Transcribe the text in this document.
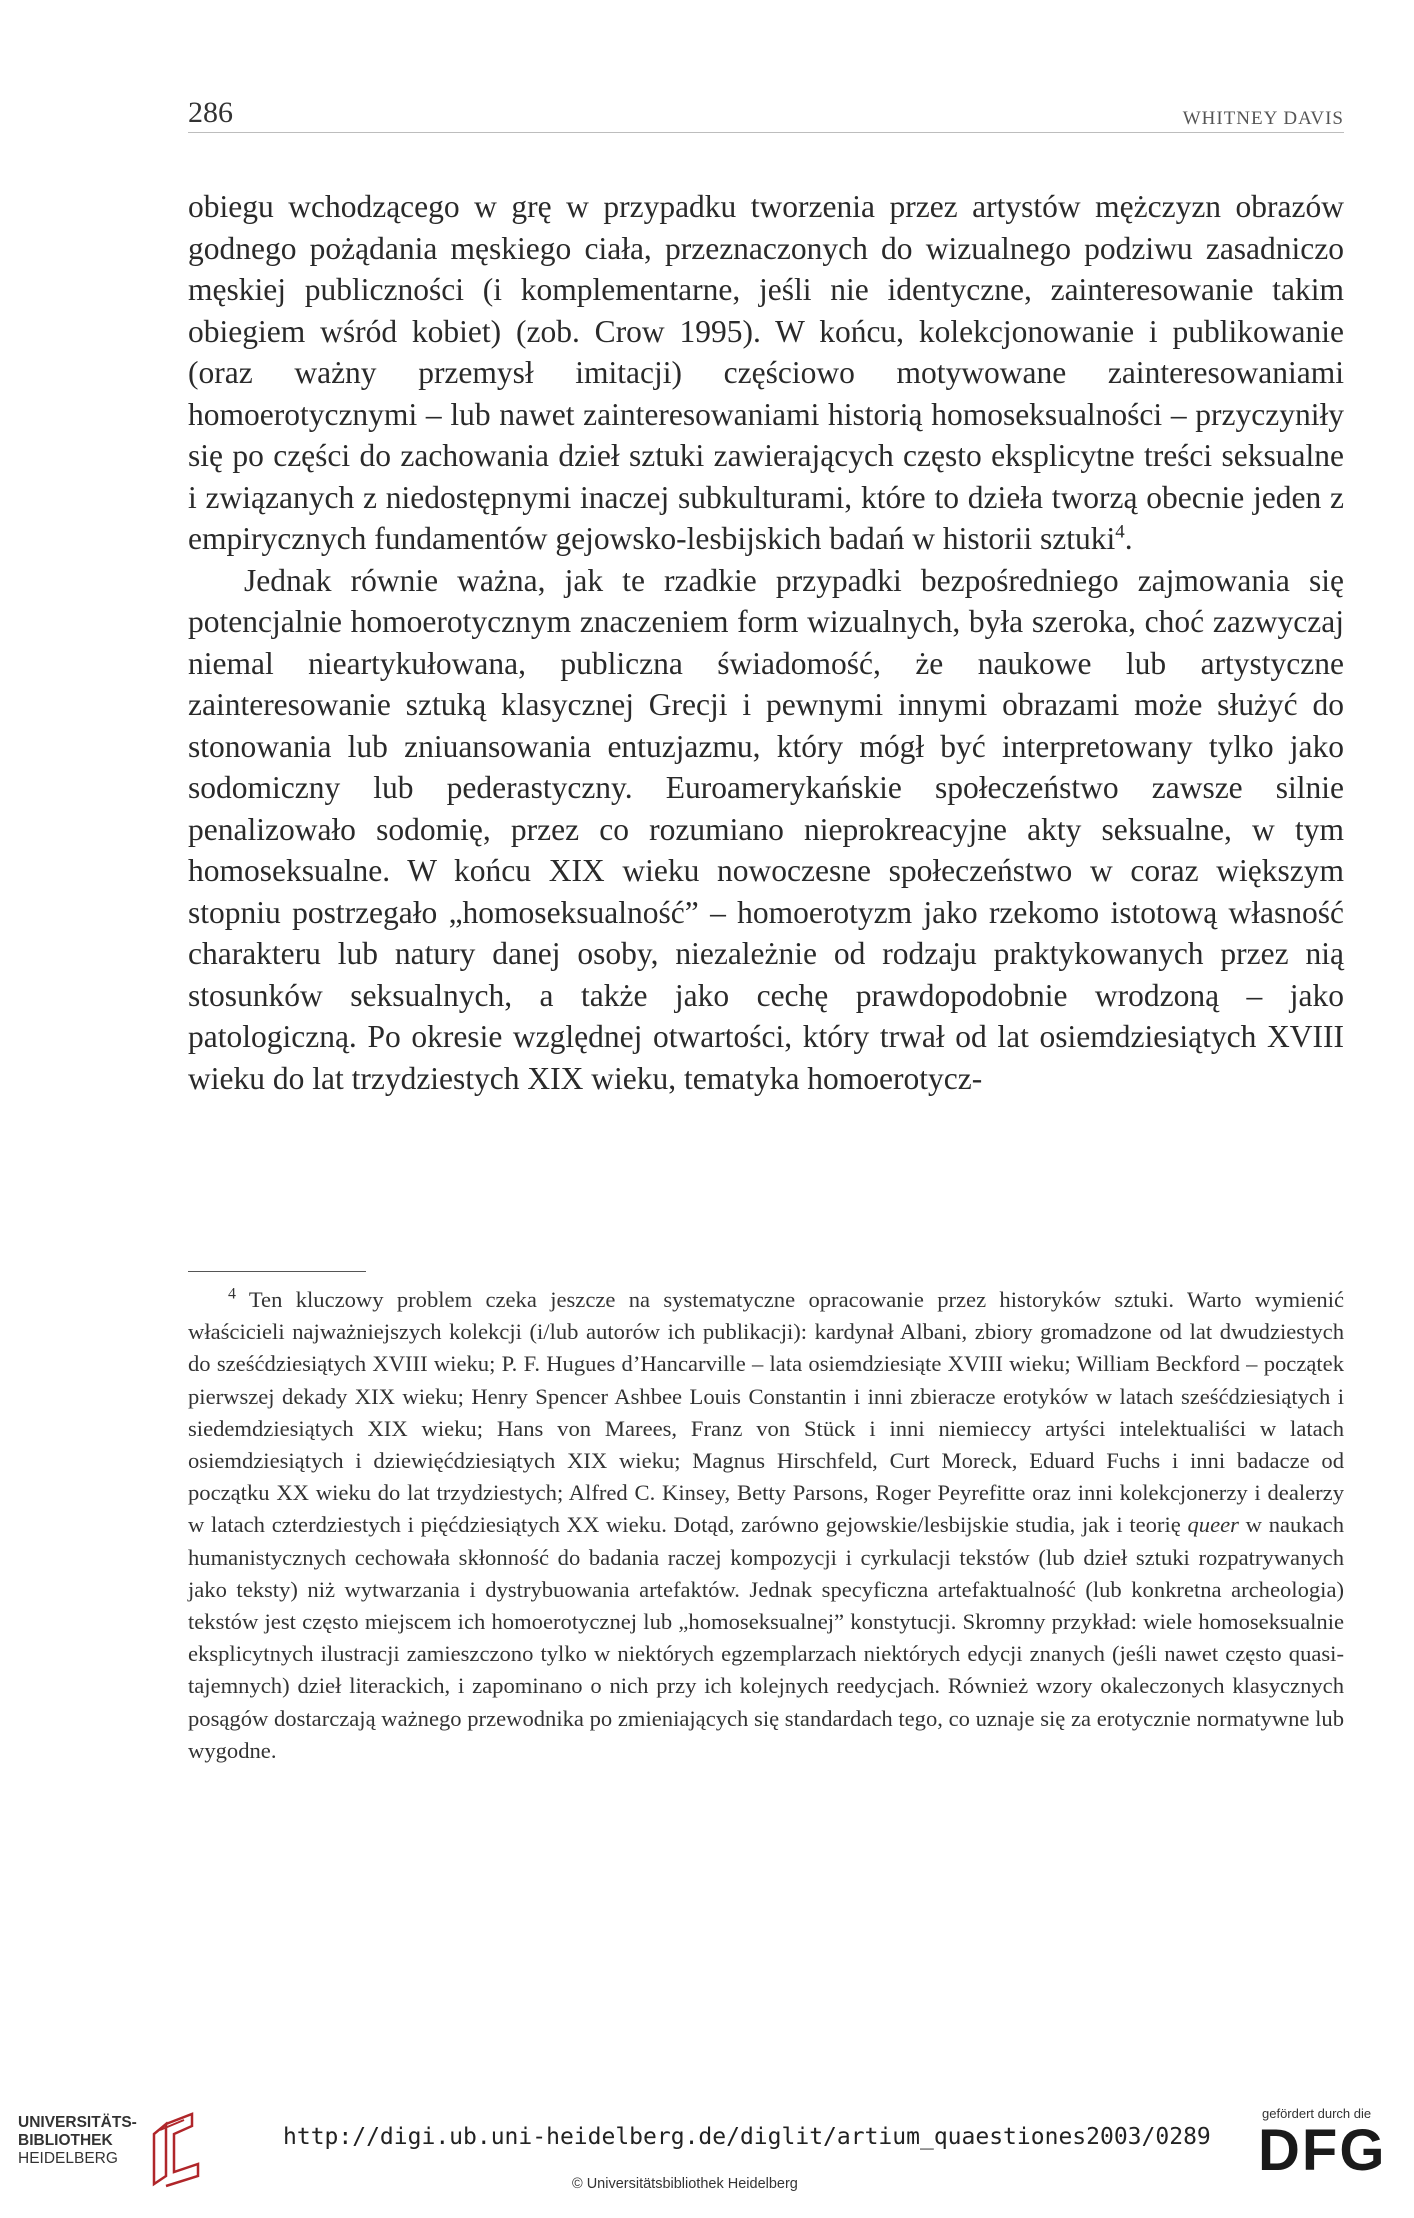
286	WHITNEY DAVIS

obiegu wchodzącego w grę w przypadku tworzenia przez artystów mężczyzn obrazów godnego pożądania męskiego ciała, przeznaczonych do wizualnego podziwu zasadniczo męskiej publiczności (i komplementarne, jeśli nie identyczne, zainteresowanie takim obiegiem wśród kobiet) (zob. Crow 1995). W końcu, kolekcjonowanie i publikowanie (oraz ważny przemysł imitacji) częściowo motywowane zainteresowaniami homoerotycznymi – lub nawet zainteresowaniami historią homoseksualności – przyczyniły się po części do zachowania dzieł sztuki zawierających często eksplicytne treści seksualne i związanych z niedostępnymi inaczej subkulturami, które to dzieła tworzą obecnie jeden z empirycznych fundamentów gejowsko-lesbijskich badań w historii sztuki$^4$.

Jednak równie ważna, jak te rzadkie przypadki bezpośredniego zajmowania się potencjalnie homoerotycznym znaczeniem form wizualnych, była szeroka, choć zazwyczaj niemal nieartykułowana, publiczna świadomość, że naukowe lub artystyczne zainteresowanie sztuką klasycznej Grecji i pewnymi innymi obrazami może służyć do stonowania lub zniuansowania entuzjazmu, który mógł być interpretowany tylko jako sodomiczny lub pederastyczny. Euroamerykańskie społeczeństwo zawsze silnie penalizowało sodomię, przez co rozumiano nieprokreacyjne akty seksualne, w tym homoseksualne. W końcu XIX wieku nowoczesne społeczeństwo w coraz większym stopniu postrzegało „homoseksualność” – homoerotyzm jako rzekomo istotową własność charakteru lub natury danej osoby, niezależnie od rodzaju praktykowanych przez nią stosunków seksualnych, a także jako cechę prawdopodobnie wrodzoną – jako patologiczną. Po okresie względnej otwartości, który trwał od lat osiemdziesiątych XVIII wieku do lat trzydziestych XIX wieku, tematyka homoerotycz-

$^4$ Ten kluczowy problem czeka jeszcze na systematyczne opracowanie przez historyków sztuki. Warto wymienić właścicieli najważniejszych kolekcji (i/lub autorów ich publikacji): kardynał Albani, zbiory gromadzone od lat dwudziestych do sześćdziesiątych XVIII wieku; P. F. Hugues d’Hancarville – lata osiemdziesiąte XVIII wieku; William Beckford – początek pierwszej dekady XIX wieku; Henry Spencer Ashbee Louis Constantin i inni zbieracze erotyków w latach sześćdziesiątych i siedemdziesiątych XIX wieku; Hans von Marees, Franz von Stück i inni niemieccy artyści intelektualiści w latach osiemdziesiątych i dziewięćdziesiątych XIX wieku; Magnus Hirschfeld, Curt Moreck, Eduard Fuchs i inni badacze od początku XX wieku do lat trzydziestych; Alfred C. Kinsey, Betty Parsons, Roger Peyrefitte oraz inni kolekcjonerzy i dealerzy w latach czterdziestych i pięćdziesiątych XX wieku. Dotąd, zarówno gejowskie/lesbijskie studia, jak i teorię queer w naukach humanistycznych cechowała skłonność do badania raczej kompozycji i cyrkulacji tekstów (lub dzieł sztuki rozpatrywanych jako teksty) niż wytwarzania i dystrybuowania artefaktów. Jednak specyficzna artefaktualność (lub konkretna archeologia) tekstów jest często miejscem ich homoerotycznej lub „homoseksualnej” konstytucji. Skromny przykład: wiele homoseksualnie eksplicytnych ilustracji zamieszczono tylko w niektórych egzemplarzach niektórych edycji znanych (jeśli nawet często quasi-tajemnych) dzieł literackich, i zapominano o nich przy ich kolejnych reedycjach. Również wzory okaleczonych klasycznych posągów dostarczają ważnego przewodnika po zmieniających się standardach tego, co uznaje się za erotycznie normatywne lub wygodne.
UNIVERSITÄTS-
BIBLIOTHEK
HEIDELBERG
http://digi.ub.uni-heidelberg.de/diglit/artium_quaestiones2003/0289
© Universitätsbibliothek Heidelberg
gefördert durch die
DFG
